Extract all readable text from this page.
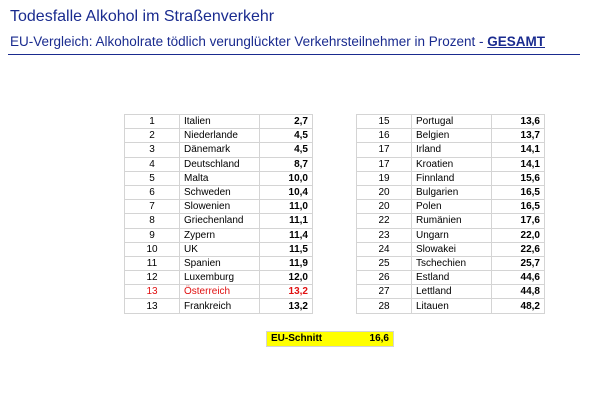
Todesfalle Alkohol im Straßenverkehr
EU-Vergleich: Alkoholrate tödlich verunglückter Verkehrsteilnehmer in Prozent - GESAMT
1	Italien	2,7
2	Niederlande	4,5
3	Dänemark	4,5
4	Deutschland	8,7
5	Malta	10,0
6	Schweden	10,4
7	Slowenien	11,0
8	Griechenland	11,1
9	Zypern	11,4
10	UK	11,5
11	Spanien	11,9
12	Luxemburg	12,0
13	Österreich	13,2
13	Frankreich	13,2
15	Portugal	13,6
16	Belgien	13,7
17	Irland	14,1
17	Kroatien	14,1
19	Finnland	15,6
20	Bulgarien	16,5
20	Polen	16,5
22	Rumänien	17,6
23	Ungarn	22,0
24	Slowakei	22,6
25	Tschechien	25,7
26	Estland	44,6
27	Lettland	44,8
28	Litauen	48,2
EU-Schnitt	16,6
